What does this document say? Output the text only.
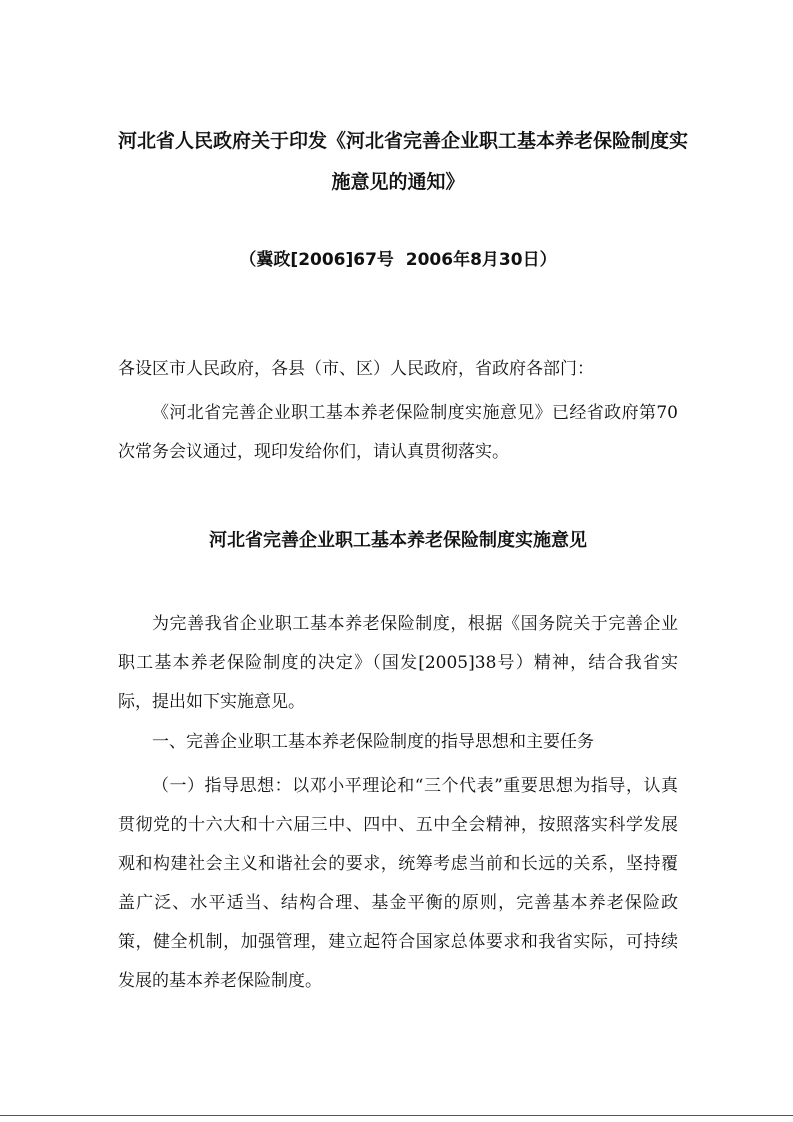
河北省人民政府关于印发《河北省完善企业职工基本养老保险制度实

施意见的通知》

（冀政[2006]67号  2006年8月30日）

各设区市人民政府，各县（市、区）人民政府，省政府各部门：

《河北省完善企业职工基本养老保险制度实施意见》已经省政府第70次常务会议通过，现印发给你们，请认真贯彻落实。

河北省完善企业职工基本养老保险制度实施意见

为完善我省企业职工基本养老保险制度，根据《国务院关于完善企业职工基本养老保险制度的决定》（国发[2005]38号）精神，结合我省实际，提出如下实施意见。

一、完善企业职工基本养老保险制度的指导思想和主要任务

（一）指导思想：以邓小平理论和“三个代表”重要思想为指导，认真贯彻党的十六大和十六届三中、四中、五中全会精神，按照落实科学发展观和构建社会主义和谐社会的要求，统筹考虑当前和长远的关系，坚持覆盖广泛、水平适当、结构合理、基金平衡的原则，完善基本养老保险政策，健全机制，加强管理，建立起符合国家总体要求和我省实际，可持续发展的基本养老保险制度。
